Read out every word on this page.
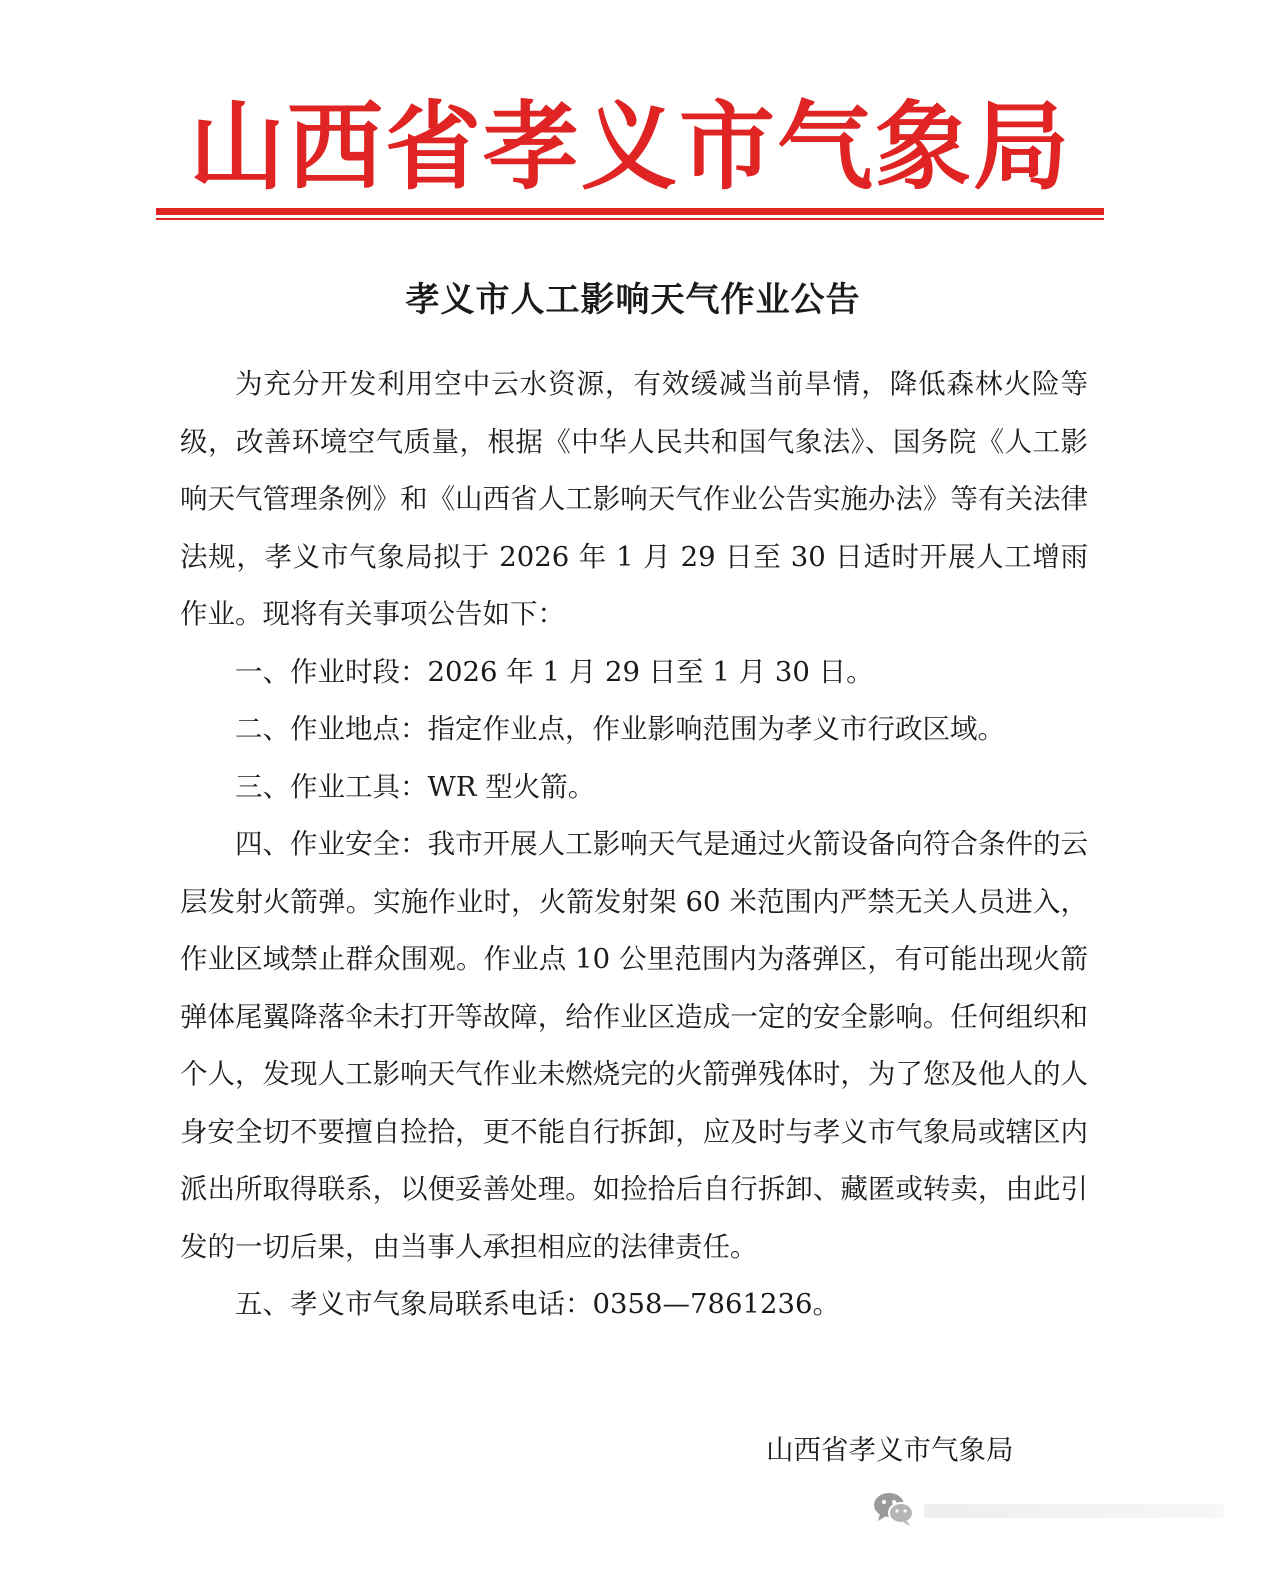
山西省孝义市气象局
孝义市人工影响天气作业公告

为充分开发利用空中云水资源，有效缓减当前旱情，降低森林火险等级，改善环境空气质量，根据《中华人民共和国气象法》、国务院《人工影响天气管理条例》和《山西省人工影响天气作业公告实施办法》等有关法律法规，孝义市气象局拟于 2026 年 1 月 29 日至 30 日适时开展人工增雨作业。现将有关事项公告如下：

一、作业时段：2026 年 1 月 29 日至 1 月 30 日。

二、作业地点：指定作业点，作业影响范围为孝义市行政区域。

三、作业工具：WR 型火箭。

四、作业安全：我市开展人工影响天气是通过火箭设备向符合条件的云层发射火箭弹。实施作业时，火箭发射架 60 米范围内严禁无关人员进入，作业区域禁止群众围观。作业点 10 公里范围内为落弹区，有可能出现火箭弹体尾翼降落伞未打开等故障，给作业区造成一定的安全影响。任何组织和个人，发现人工影响天气作业未燃烧完的火箭弹残体时，为了您及他人的人身安全切不要擅自捡拾，更不能自行拆卸，应及时与孝义市气象局或辖区内派出所取得联系，以便妥善处理。如捡拾后自行拆卸、藏匿或转卖，由此引发的一切后果，由当事人承担相应的法律责任。

五、孝义市气象局联系电话：0358—7861236。

山西省孝义市气象局
